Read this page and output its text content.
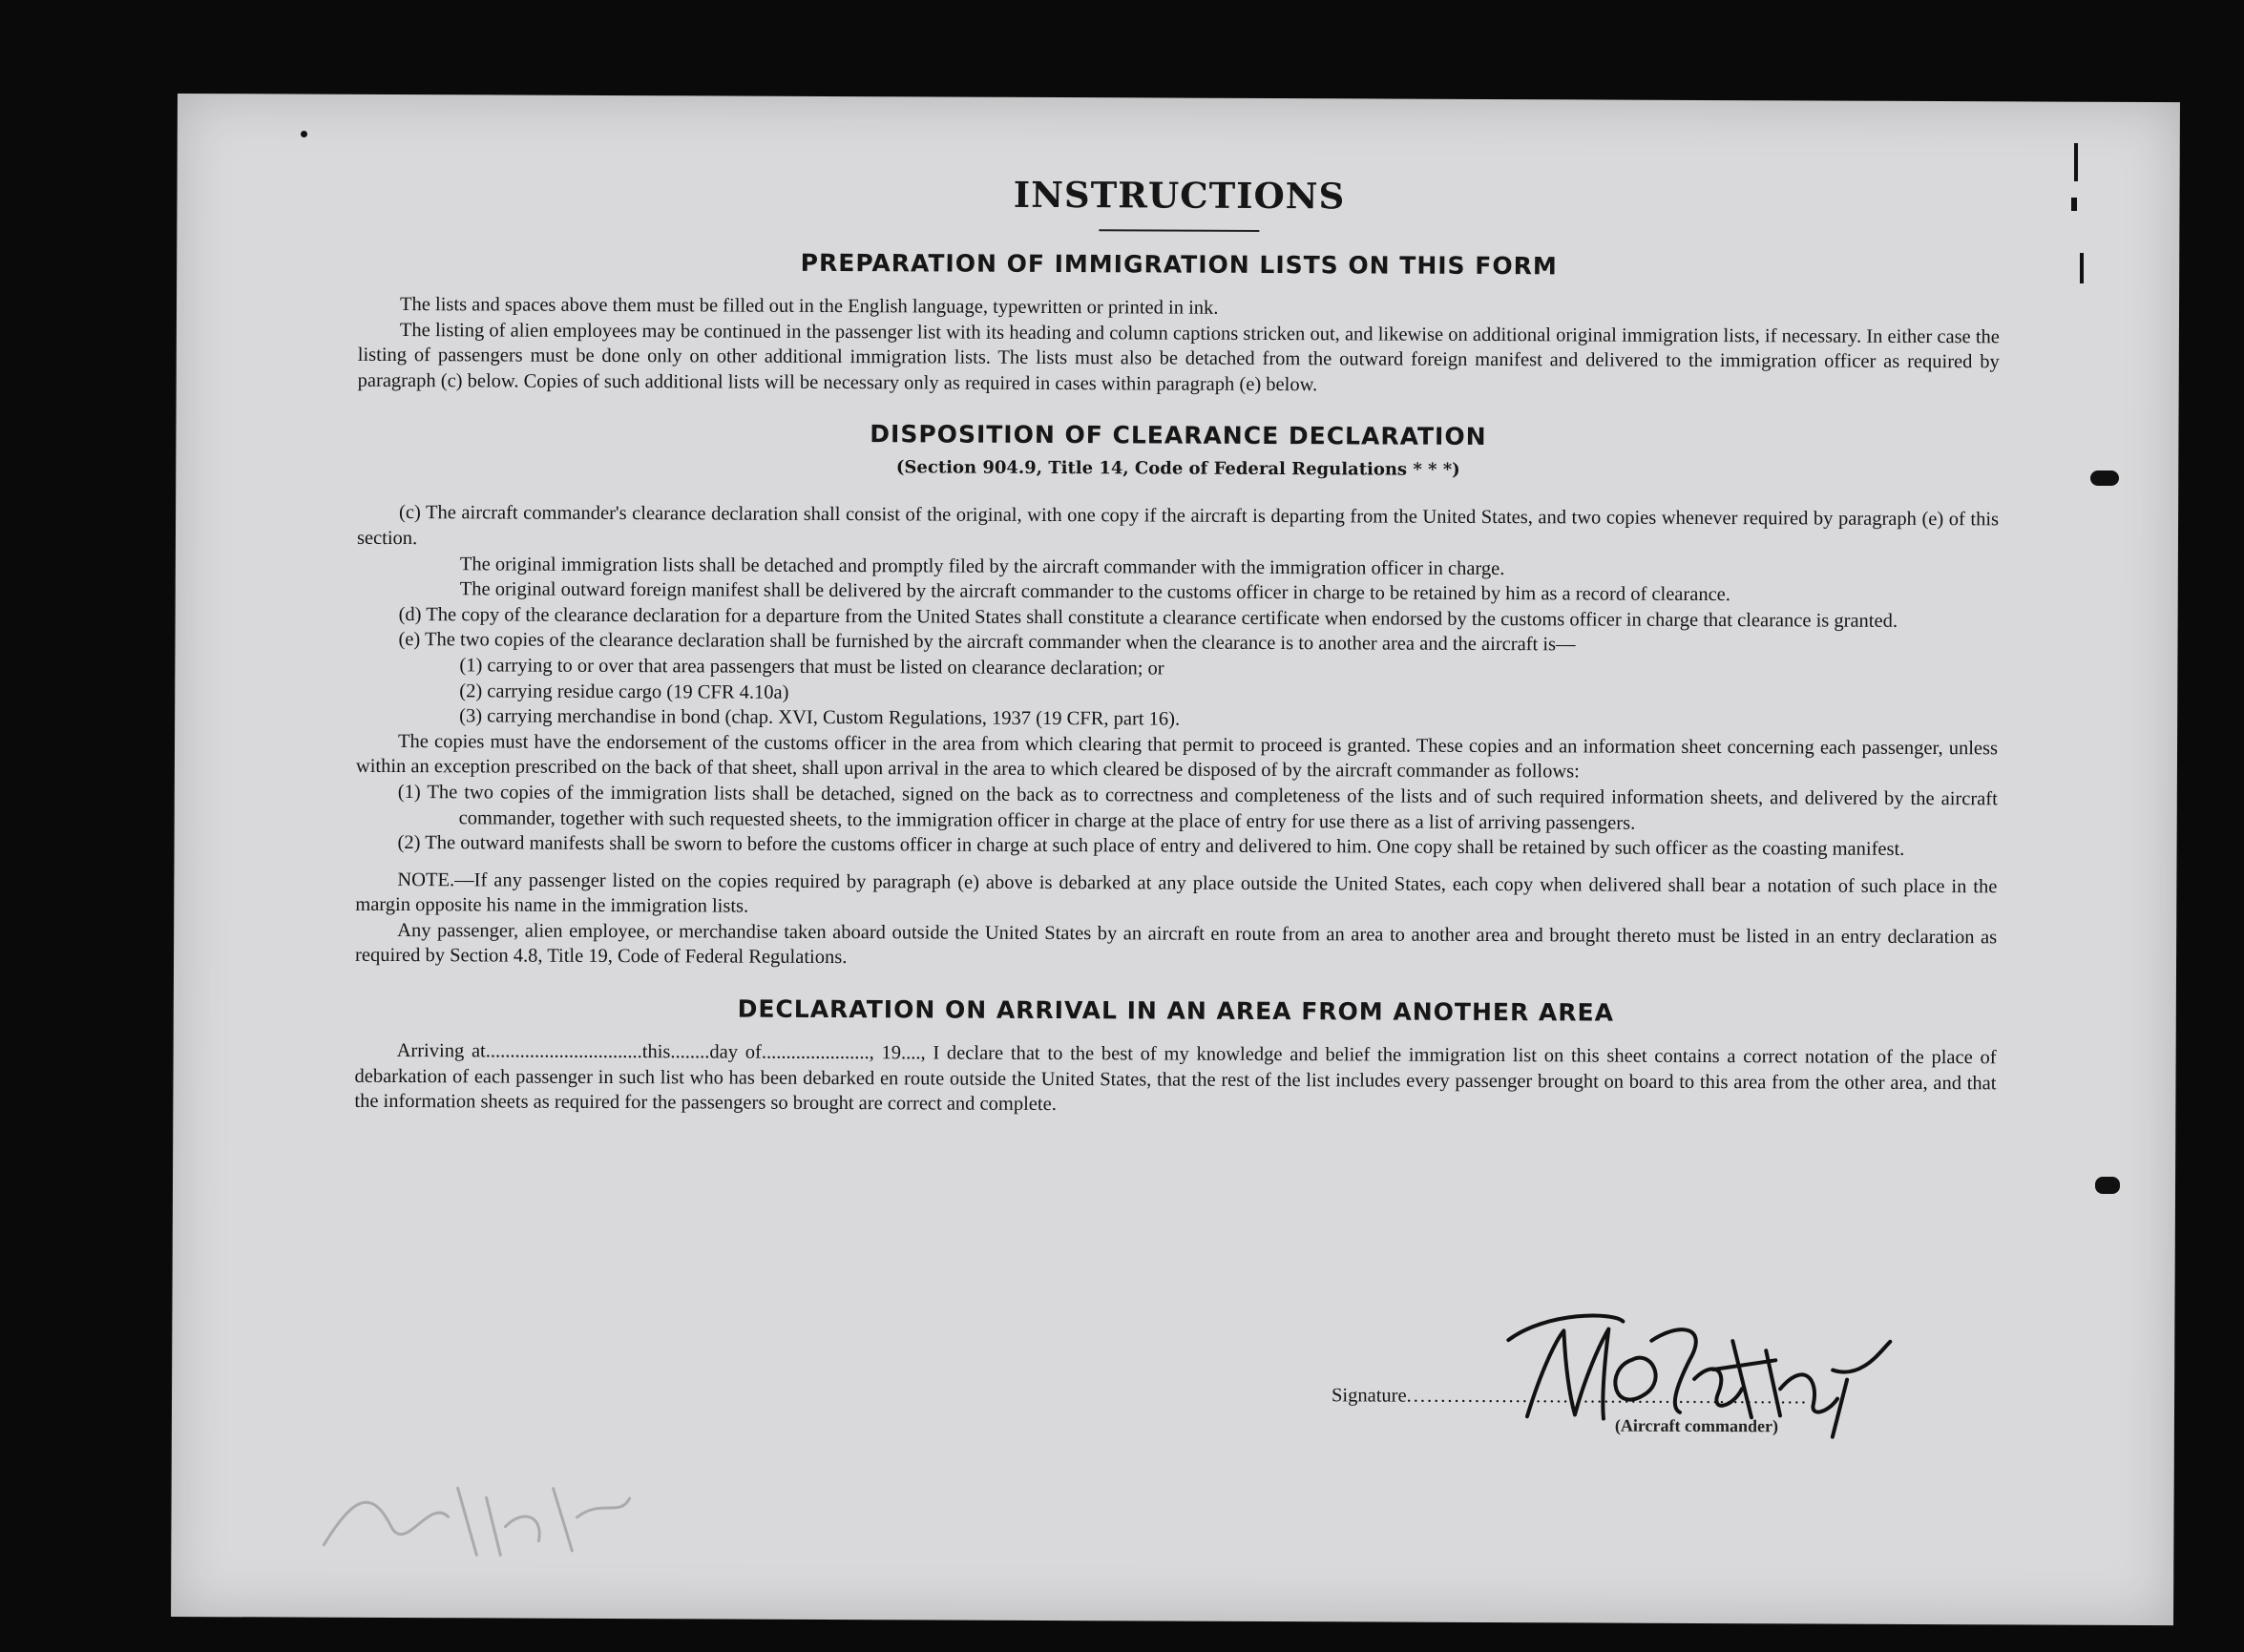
INSTRUCTIONS
PREPARATION OF IMMIGRATION LISTS ON THIS FORM

The lists and spaces above them must be filled out in the English language, typewritten or printed in ink.

The listing of alien employees may be continued in the passenger list with its heading and column captions stricken out, and likewise on additional original immigration lists, if necessary. In either case the listing of passengers must be done only on other additional immigration lists. The lists must also be detached from the outward foreign manifest and delivered to the immigration officer as required by paragraph (c) below. Copies of such additional lists will be necessary only as required in cases within paragraph (e) below.

DISPOSITION OF CLEARANCE DECLARATION
(Section 904.9, Title 14, Code of Federal Regulations * * *)

(c) The aircraft commander's clearance declaration shall consist of the original, with one copy if the aircraft is departing from the United States, and two copies whenever required by paragraph (e) of this section.

The original immigration lists shall be detached and promptly filed by the aircraft commander with the immigration officer in charge.

The original outward foreign manifest shall be delivered by the aircraft commander to the customs officer in charge to be retained by him as a record of clearance.

(d) The copy of the clearance declaration for a departure from the United States shall constitute a clearance certificate when endorsed by the customs officer in charge that clearance is granted.

(e) The two copies of the clearance declaration shall be furnished by the aircraft commander when the clearance is to another area and the aircraft is—

(1) carrying to or over that area passengers that must be listed on clearance declaration; or

(2) carrying residue cargo (19 CFR 4.10a)

(3) carrying merchandise in bond (chap. XVI, Custom Regulations, 1937 (19 CFR, part 16).

The copies must have the endorsement of the customs officer in the area from which clearing that permit to proceed is granted. These copies and an information sheet concerning each passenger, unless within an exception prescribed on the back of that sheet, shall upon arrival in the area to which cleared be disposed of by the aircraft commander as follows:

(1) The two copies of the immigration lists shall be detached, signed on the back as to correctness and completeness of the lists and of such required information sheets, and delivered by the aircraft commander, together with such requested sheets, to the immigration officer in charge at the place of entry for use there as a list of arriving passengers.

(2) The outward manifests shall be sworn to before the customs officer in charge at such place of entry and delivered to him. One copy shall be retained by such officer as the coasting manifest.

NOTE.—If any passenger listed on the copies required by paragraph (e) above is debarked at any place outside the United States, each copy when delivered shall bear a notation of such place in the margin opposite his name in the immigration lists.

Any passenger, alien employee, or merchandise taken aboard outside the United States by an aircraft en route from an area to another area and brought thereto must be listed in an entry declaration as required by Section 4.8, Title 19, Code of Federal Regulations.

DECLARATION ON ARRIVAL IN AN AREA FROM ANOTHER AREA

Arriving at................................this........day of......................, 19...., I declare that to the best of my knowledge and belief the immigration list on this sheet contains a correct notation of the place of debarkation of each passenger in such list who has been debarked en route outside the United States, that the rest of the list includes every passenger brought on board to this area from the other area, and that the information sheets as required for the passengers so brought are correct and complete.

Signature...........................................................
(Aircraft commander)
